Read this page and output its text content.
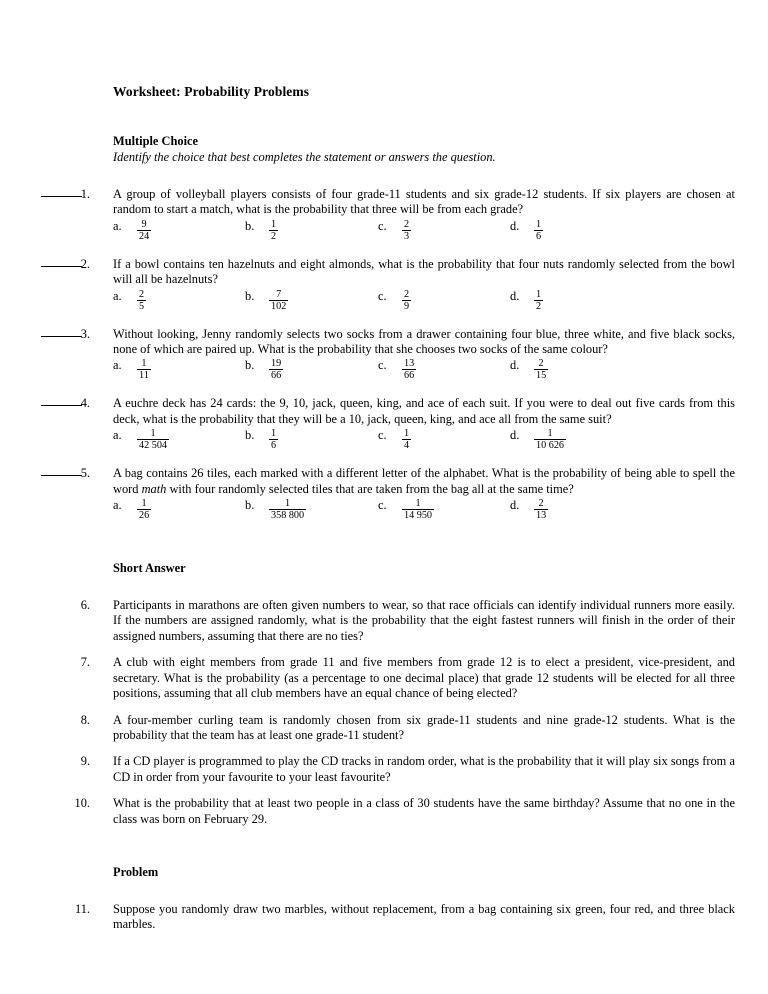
Worksheet: Probability Problems
Multiple Choice
Identify the choice that best completes the statement or answers the question.
1. A group of volleyball players consists of four grade-11 students and six grade-12 students. If six players are chosen at random to start a match, what is the probability that three will be from each grade?

a.	$\frac{9}{24}$	b.	$\frac{1}{2}$	c.	$\frac{2}{3}$	d.	$\frac{1}{6}$
2. If a bowl contains ten hazelnuts and eight almonds, what is the probability that four nuts randomly selected from the bowl will all be hazelnuts?

a.	$\frac{2}{5}$	b.	$\frac{7}{102}$	c.	$\frac{2}{9}$	d.	$\frac{1}{2}$
3. Without looking, Jenny randomly selects two socks from a drawer containing four blue, three white, and five black socks, none of which are paired up. What is the probability that she chooses two socks of the same colour?

a.	$\frac{1}{11}$	b.	$\frac{19}{66}$	c.	$\frac{13}{66}$	d.	$\frac{2}{15}$
4. A euchre deck has 24 cards: the 9, 10, jack, queen, king, and ace of each suit. If you were to deal out five cards from this deck, what is the probability that they will be a 10, jack, queen, king, and ace all from the same suit?

a.	$\frac{1}{42 504}$	b.	$\frac{1}{6}$	c.	$\frac{1}{4}$	d.	$\frac{1}{10 626}$
5. A bag contains 26 tiles, each marked with a different letter of the alphabet. What is the probability of being able to spell the word math with four randomly selected tiles that are taken from the bag all at the same time?

a.	$\frac{1}{26}$	b.	$\frac{1}{358 800}$	c.	$\frac{1}{14 950}$	d.	$\frac{2}{13}$
Short Answer
6. Participants in marathons are often given numbers to wear, so that race officials can identify individual runners more easily. If the numbers are assigned randomly, what is the probability that the eight fastest runners will finish in the order of their assigned numbers, assuming that there are no ties?

7. A club with eight members from grade 11 and five members from grade 12 is to elect a president, vice-president, and secretary. What is the probability (as a percentage to one decimal place) that grade 12 students will be elected for all three positions, assuming that all club members have an equal chance of being elected?

8. A four-member curling team is randomly chosen from six grade-11 students and nine grade-12 students. What is the probability that the team has at least one grade-11 student?

9. If a CD player is programmed to play the CD tracks in random order, what is the probability that it will play six songs from a CD in order from your favourite to your least favourite?

10. What is the probability that at least two people in a class of 30 students have the same birthday? Assume that no one in the class was born on February 29.

Problem
11. Suppose you randomly draw two marbles, without replacement, from a bag containing six green, four red, and three black marbles.
